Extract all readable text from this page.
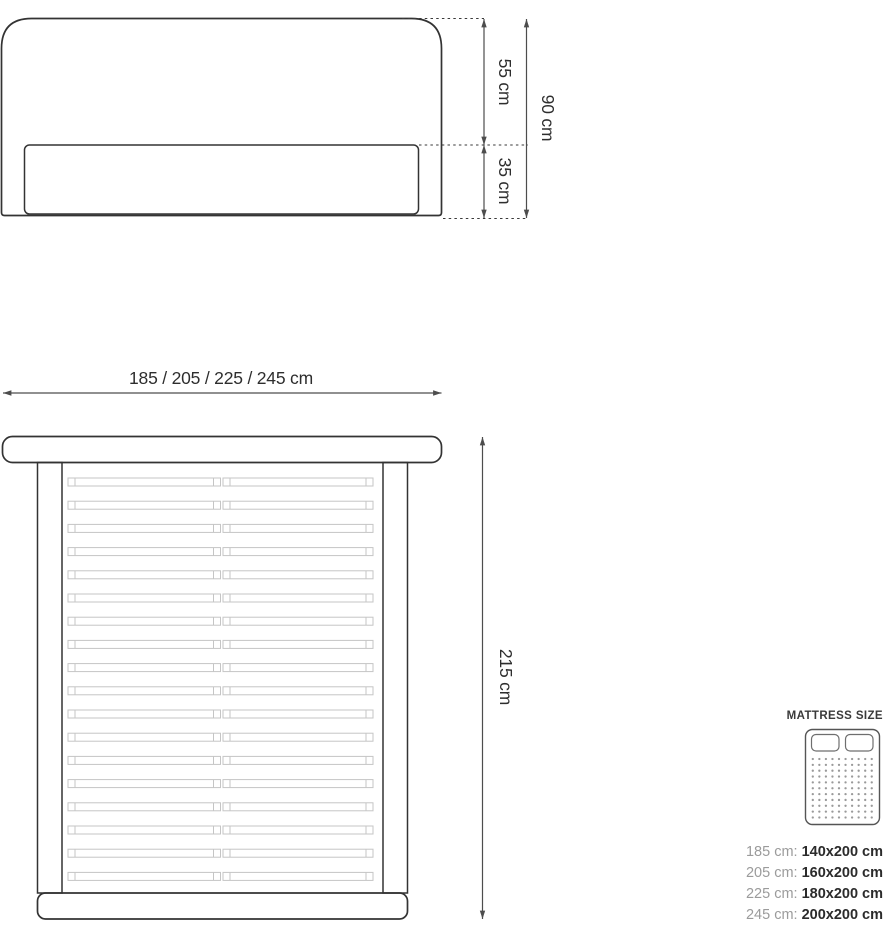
55 cm
35 cm
90 cm
185 / 205 / 225 / 245 cm
215 cm
MATTRESS SIZE
185 cm: 140x200 cm
205 cm: 160x200 cm
225 cm: 180x200 cm
245 cm: 200x200 cm
